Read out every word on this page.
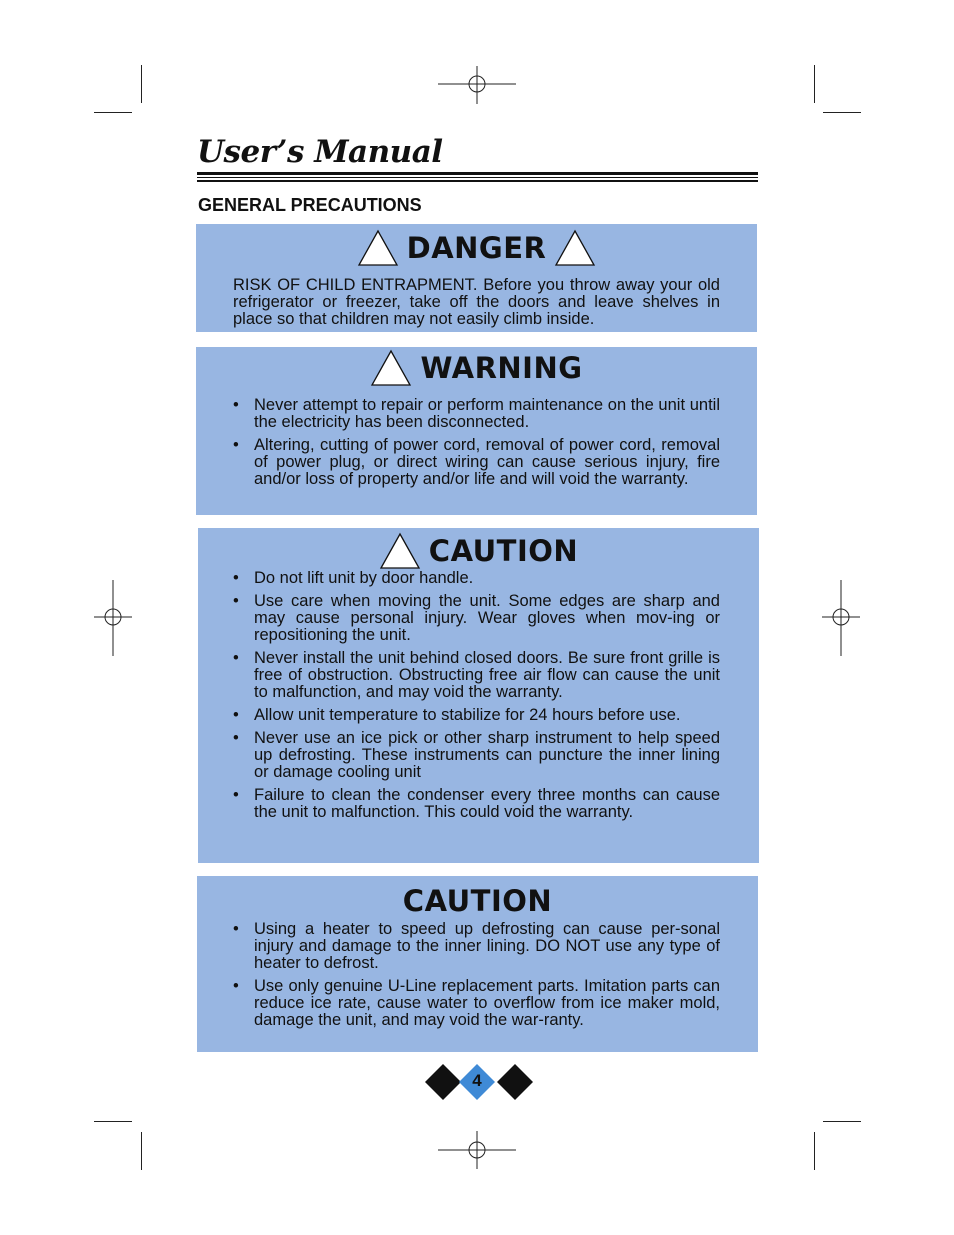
User’s Manual
GENERAL PRECAUTIONS
DANGER
RISK OF CHILD ENTRAPMENT. Before you throw away your old refrigerator or freezer, take off the doors and leave shelves in place so that children may not easily climb inside.
WARNING
• Never attempt to repair or perform maintenance on the unit until the electricity has been disconnected.
• Altering, cutting of power cord, removal of power cord, removal of power plug, or direct wiring can cause serious injury, fire and/or loss of property and/or life and will void the warranty.
CAUTION
• Do not lift unit by door handle.
• Use care when moving the unit. Some edges are sharp and may cause personal injury. Wear gloves when mov-ing or repositioning the unit.
• Never install the unit behind closed doors. Be sure front grille is free of obstruction. Obstructing free air flow can cause the unit to malfunction, and may void the warranty.
• Allow unit temperature to stabilize for 24 hours before use.
• Never use an ice pick or other sharp instrument to help speed up defrosting. These instruments can puncture the inner lining or damage cooling unit
• Failure to clean the condenser every three months can cause the unit to malfunction. This could void the warranty.
CAUTION
• Using a heater to speed up defrosting can cause per-sonal injury and damage to the inner lining. DO NOT use any type of heater to defrost.
• Use only genuine U-Line replacement parts. Imitation parts can reduce ice rate, cause water to overflow from ice maker mold, damage the unit, and may void the war-ranty.
4
